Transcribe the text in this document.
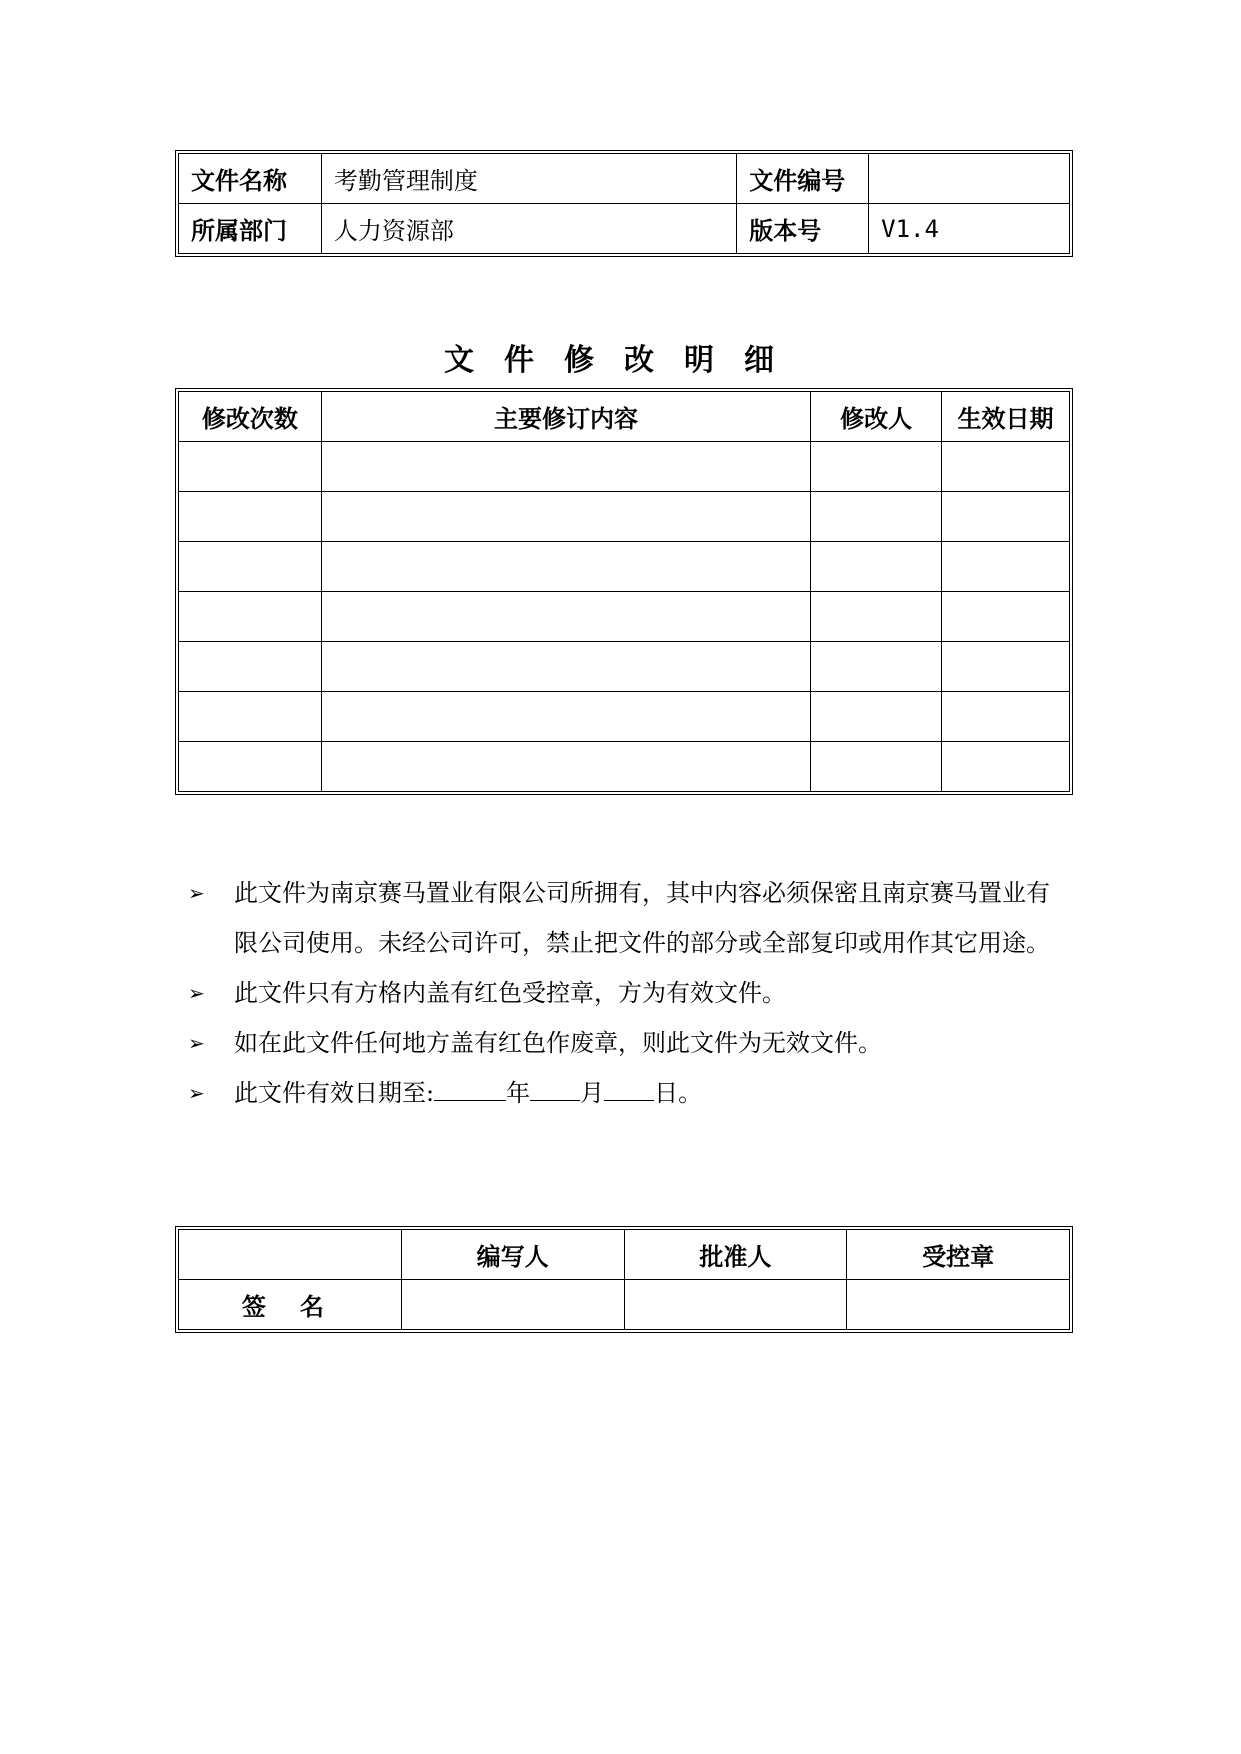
文件名称	考勤管理制度	文件编号	
所属部门	人力资源部	版本号	V1.4
文件修改明细
修改次数	主要修订内容	修改人	生效日期

➢ 此文件为南京赛马置业有限公司所拥有，其中内容必须保密且南京赛马置业有限公司使用。未经公司许可，禁止把文件的部分或全部复印或用作其它用途。
➢ 此文件只有方格内盖有红色受控章，方为有效文件。
➢ 如在此文件任何地方盖有红色作废章，则此文件为无效文件。
➢ 此文件有效日期至:	年 月 日。
	编写人	批准人	受控章
签名			
